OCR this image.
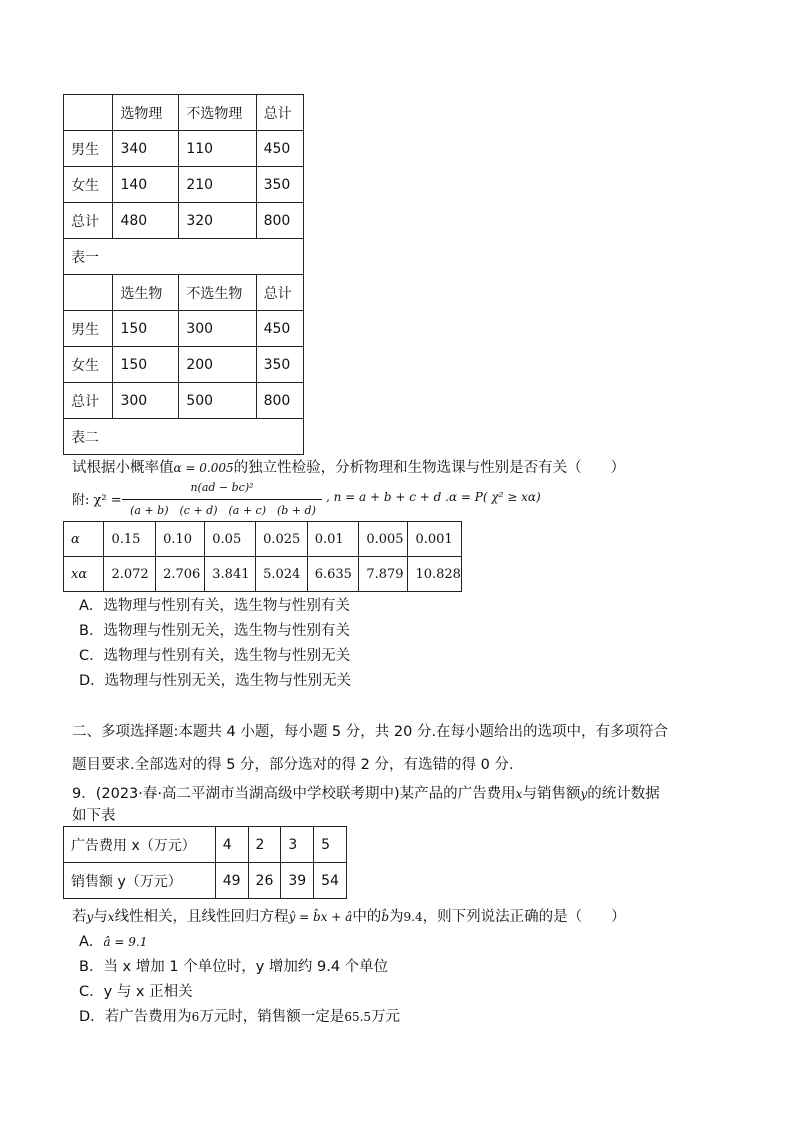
	选物理	不选物理	总计
男生	340	110	450
女生	140	210	350
总计	480	320	800
表一			
	选生物	不选生物	总计
男生	150	300	450
女生	150	200	350
总计	300	500	800
表二			
试根据小概率值α = 0.005的独立性检验，分析物理和生物选课与性别是否有关（　　）
附: χ² =
n(ad − bc)²
(a + b)　(c + d)　(a + c)　(b + d)
, n = a + b + c + d .α = P( χ² ≥ xα)
α	0.15	0.10	0.05	0.025	0.01	0.005	0.001
xα	2.072	2.706	3.841	5.024	6.635	7.879	10.828
A．选物理与性别有关，选生物与性别有关
B．选物理与性别无关，选生物与性别有关
C．选物理与性别有关，选生物与性别无关
D．选物理与性别无关，选生物与性别无关
二、多项选择题:本题共 4 小题，每小题 5 分，共 20 分.在每小题给出的选项中，有多项符合
题目要求.全部选对的得 5 分，部分选对的得 2 分，有选错的得 0 分.
9．(2023·春·高二平湖市当湖高级中学校联考期中)某产品的广告费用x与销售额y的统计数据
如下表
广告费用 x（万元）	4	2	3	5
销售额 y（万元）	49	26	39	54
若y与x线性相关，且线性回归方程ŷ = b̂x + â中的b̂为9.4，则下列说法正确的是（　　）
A．â = 9.1
B．当 x 增加 1 个单位时，y 增加约 9.4 个单位
C．y 与 x 正相关
D．若广告费用为6万元时，销售额一定是65.5万元
